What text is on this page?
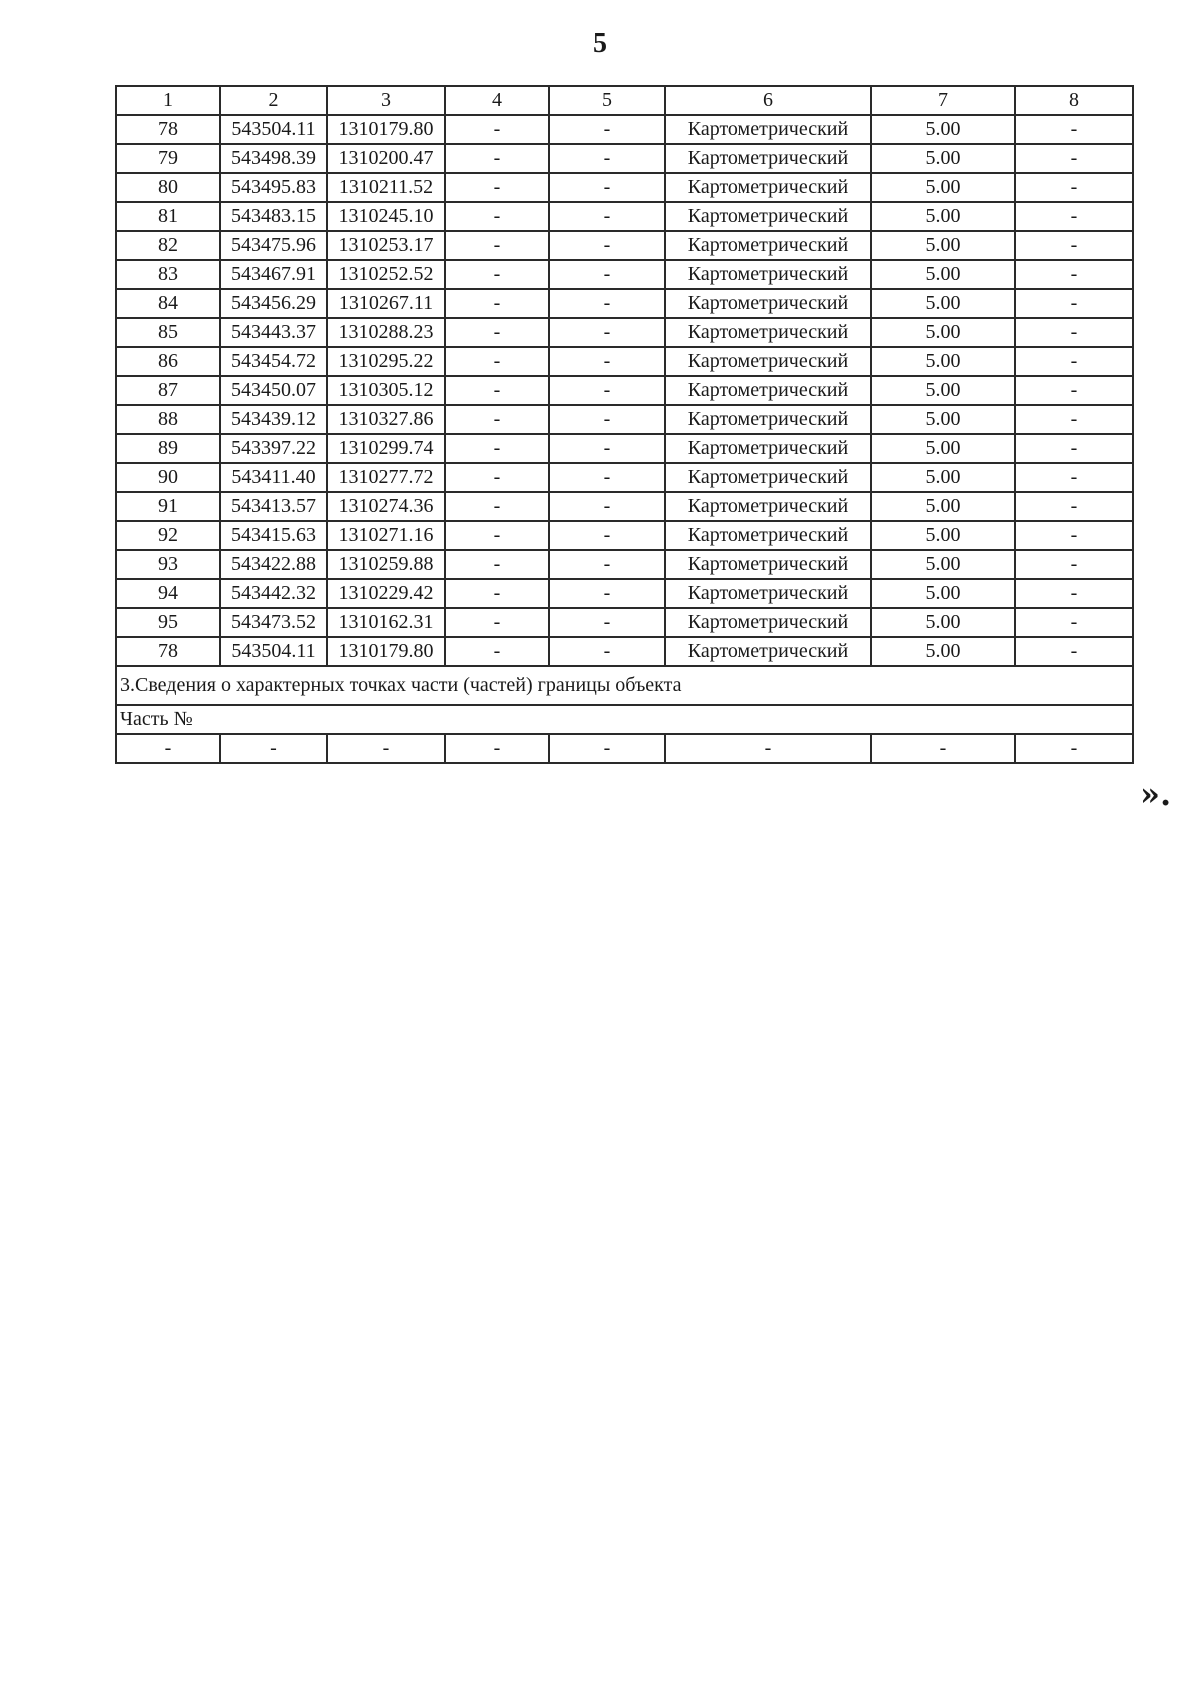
5
1	2	3	4	5	6	7	8
78	543504.11	1310179.80	-	-	Картометрический	5.00	-
79	543498.39	1310200.47	-	-	Картометрический	5.00	-
80	543495.83	1310211.52	-	-	Картометрический	5.00	-
81	543483.15	1310245.10	-	-	Картометрический	5.00	-
82	543475.96	1310253.17	-	-	Картометрический	5.00	-
83	543467.91	1310252.52	-	-	Картометрический	5.00	-
84	543456.29	1310267.11	-	-	Картометрический	5.00	-
85	543443.37	1310288.23	-	-	Картометрический	5.00	-
86	543454.72	1310295.22	-	-	Картометрический	5.00	-
87	543450.07	1310305.12	-	-	Картометрический	5.00	-
88	543439.12	1310327.86	-	-	Картометрический	5.00	-
89	543397.22	1310299.74	-	-	Картометрический	5.00	-
90	543411.40	1310277.72	-	-	Картометрический	5.00	-
91	543413.57	1310274.36	-	-	Картометрический	5.00	-
92	543415.63	1310271.16	-	-	Картометрический	5.00	-
93	543422.88	1310259.88	-	-	Картометрический	5.00	-
94	543442.32	1310229.42	-	-	Картометрический	5.00	-
95	543473.52	1310162.31	-	-	Картометрический	5.00	-
78	543504.11	1310179.80	-	-	Картометрический	5.00	-
3.Сведения о характерных точках части (частей) границы объекта							
Часть №							
-	-	-	-	-	-	-	-
».
